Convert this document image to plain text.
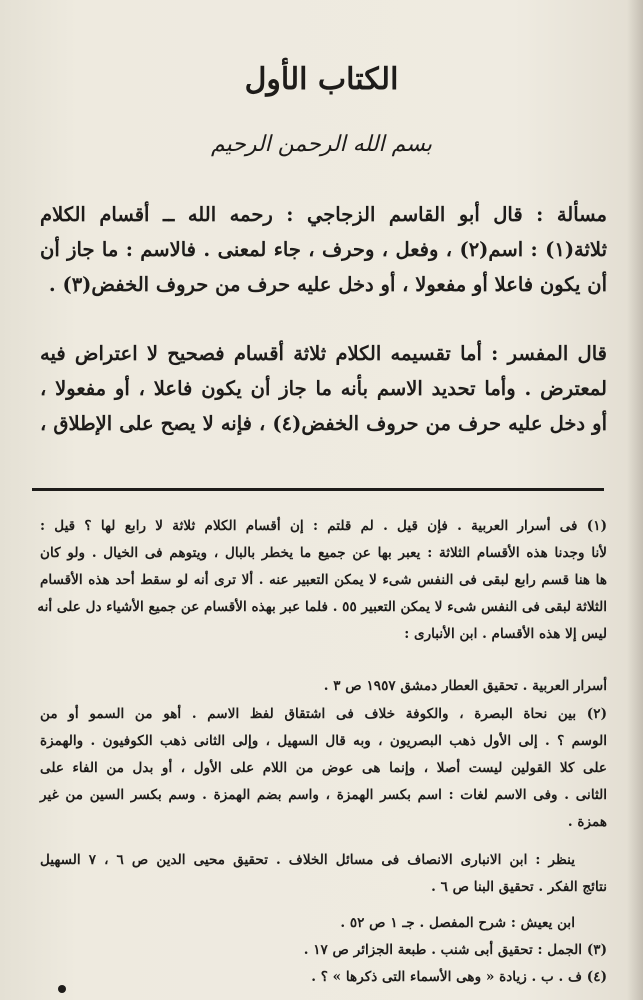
الكتاب الأول
بسم الله الرحمن الرحيم
مسألة : قال أبو القاسم الزجاجي : رحمه الله ــ أقسام الكلام
ثلاثة(١) : اسم(٢) ، وفعل ، وحرف ، جاء لمعنى . فالاسم : ما جاز أن
أن يكون فاعلا أو مفعولا ، أو دخل عليه حرف من حروف الخفض(٣) .
قال المفسر : أما تقسيمه الكلام ثلاثة أقسام فصحيح لا اعتراض فيه
لمعترض . وأما تحديد الاسم بأنه ما جاز أن يكون فاعلا ، أو مفعولا ،
أو دخل عليه حرف من حروف الخفض(٤) ، فإنه لا يصح على الإطلاق ،
(١) فى أسرار العربية . فإن قيل . لم قلتم : إن أقسام الكلام ثلاثة لا رابع لها ؟ قيل :
لأنا وجدنا هذه الأقسام الثلاثة : يعبر بها عن جميع ما يخطر بالبال ، ويتوهم فى الخيال . ولو كان
ها هنا قسم رابع لبقى فى النفس شىء لا يمكن التعبير عنه . ألا ترى أنه لو سقط أحد هذه الأقسام
الثلاثة لبقى فى النفس شىء لا يمكن التعبير ٥٥ . فلما عبر بهذه الأقسام عن جميع الأشياء دل على أنه
ليس إلا هذه الأقسام . ابن الأنبارى :
أسرار العربية . تحقيق العطار دمشق ١٩٥٧ ص ٣ .
(٢) بين نحاة البصرة ، والكوفة خلاف فى اشتقاق لفظ الاسم . أهو من السمو أو من
الوسم ؟ . إلى الأول ذهب البصريون ، وبه قال السهيل ، وإلى الثانى ذهب الكوفيون . والهمزة
على كلا القولين ليست أصلا ، وإنما هى عوض من اللام على الأول ، أو بدل من الفاء على
الثانى . وفى الاسم لغات : اسم بكسر الهمزة ، واسم بضم الهمزة . وسم بكسر السين من غير
همزة .
ينظر : ابن الانبارى الانصاف فى مسائل الخلاف . تحقيق محيى الدين ص ٦ ، ٧ السهيل
نتائج الفكر . تحقيق البنا ص ٦ .
ابن يعيش : شرح المفصل . جـ ١ ص ٥٢ .
(٣) الجمل : تحقيق أبى شنب . طبعة الجزائر ص ١٧ .
(٤) ف . ب . زيادة « وهى الأسماء التى ذكرها » ؟ .
